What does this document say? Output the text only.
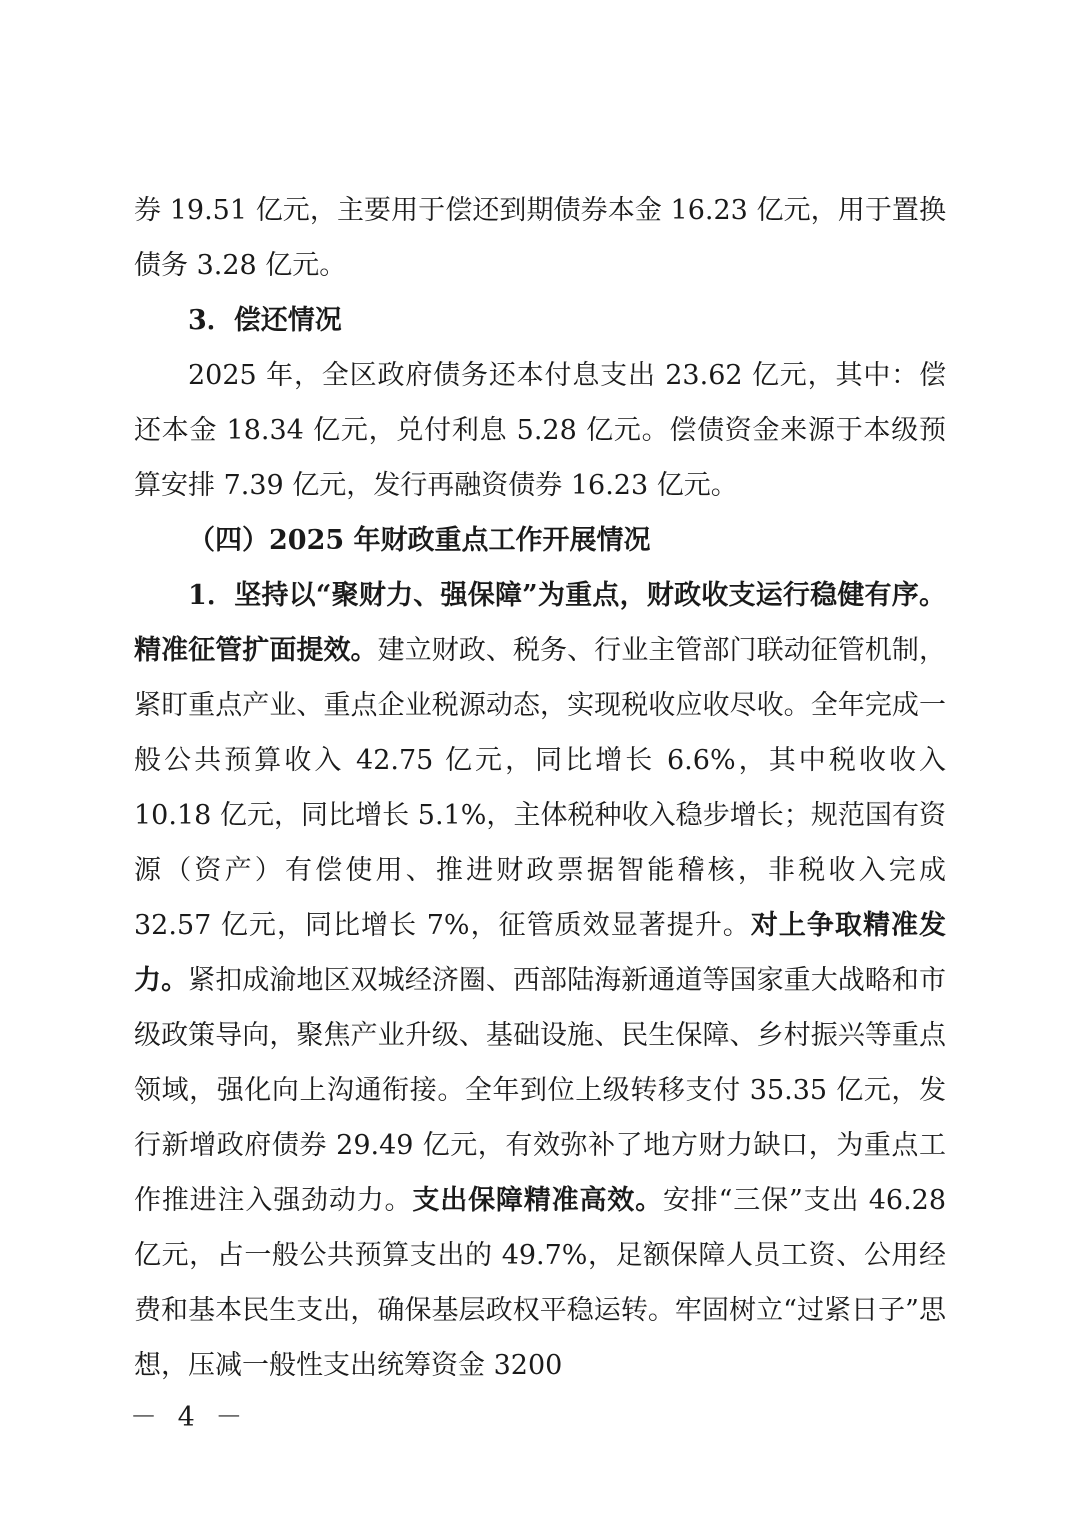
券 19.51 亿元，主要用于偿还到期债券本金 16.23 亿元，用于置换债务 3.28 亿元。

3．偿还情况

2025 年，全区政府债务还本付息支出 23.62 亿元，其中：偿还本金 18.34 亿元，兑付利息 5.28 亿元。偿债资金来源于本级预算安排 7.39 亿元，发行再融资债券 16.23 亿元。

（四）2025 年财政重点工作开展情况

1．坚持以“聚财力、强保障”为重点，财政收支运行稳健有序。精准征管扩面提效。建立财政、税务、行业主管部门联动征管机制，紧盯重点产业、重点企业税源动态，实现税收应收尽收。全年完成一般公共预算收入 42.75 亿元，同比增长 6.6%，其中税收收入 10.18 亿元，同比增长 5.1%，主体税种收入稳步增长；规范国有资源（资产）有偿使用、推进财政票据智能稽核，非税收入完成 32.57 亿元，同比增长 7%，征管质效显著提升。对上争取精准发力。紧扣成渝地区双城经济圈、西部陆海新通道等国家重大战略和市级政策导向，聚焦产业升级、基础设施、民生保障、乡村振兴等重点领域，强化向上沟通衔接。全年到位上级转移支付 35.35 亿元，发行新增政府债券 29.49 亿元，有效弥补了地方财力缺口，为重点工作推进注入强劲动力。支出保障精准高效。安排“三保”支出 46.28 亿元，占一般公共预算支出的 49.7%，足额保障人员工资、公用经费和基本民生支出，确保基层政权平稳运转。牢固树立“过紧日子”思想，压减一般性支出统筹资金 3200

－ 4 －
